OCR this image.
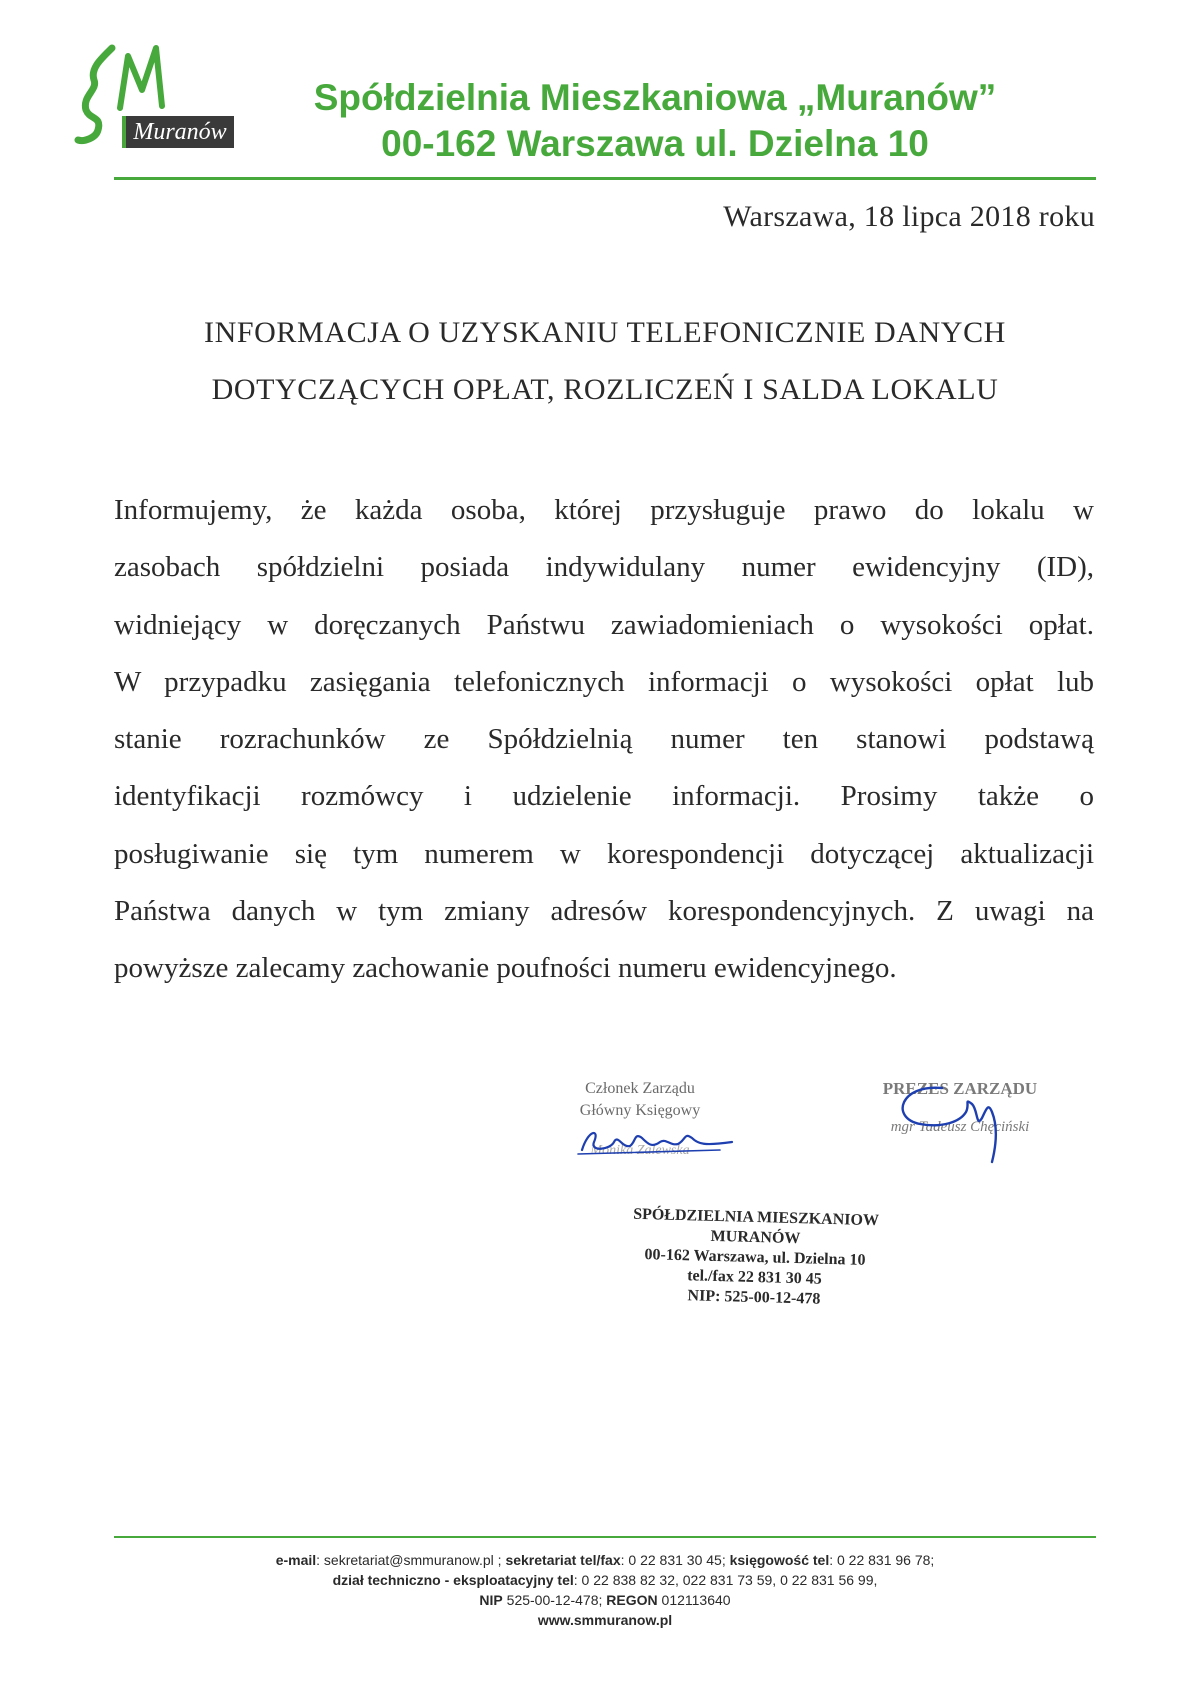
Muranów
Spółdzielnia Mieszkaniowa „Muranów”
00-162 Warszawa ul. Dzielna 10
Warszawa, 18 lipca 2018 roku
INFORMACJA O UZYSKANIU TELEFONICZNIE DANYCH
DOTYCZĄCYCH OPŁAT, ROZLICZEŃ I SALDA LOKALU
Informujemy, że każda osoba, której przysługuje prawo do lokalu w
zasobach spółdzielni posiada indywidulany numer ewidencyjny (ID),
widniejący w doręczanych Państwu zawiadomieniach o wysokości opłat.
W przypadku zasięgania telefonicznych informacji o wysokości opłat lub
stanie rozrachunków ze Spółdzielnią numer ten stanowi podstawą
identyfikacji rozmówcy i udzielenie informacji. Prosimy także o
posługiwanie się tym numerem w korespondencji dotyczącej aktualizacji
Państwa danych w tym zmiany adresów korespondencyjnych. Z uwagi na
powyższe zalecamy zachowanie poufności numeru ewidencyjnego.
Członek Zarządu
Główny Księgowy
Monika Zalewska
PREZES ZARZĄDU
mgr Tadeusz Chęciński
SPÓŁDZIELNIA MIESZKANIOW
MURANÓW
00-162 Warszawa, ul. Dzielna 10
tel./fax 22 831 30 45
NIP: 525-00-12-478
e-mail: sekretariat@smmuranow.pl ; sekretariat tel/fax: 0 22 831 30 45; księgowość tel: 0 22 831 96 78;
dział techniczno - eksploatacyjny tel: 0 22 838 82 32, 022 831 73 59, 0 22 831 56 99,
NIP 525-00-12-478; REGON 012113640
www.smmuranow.pl
